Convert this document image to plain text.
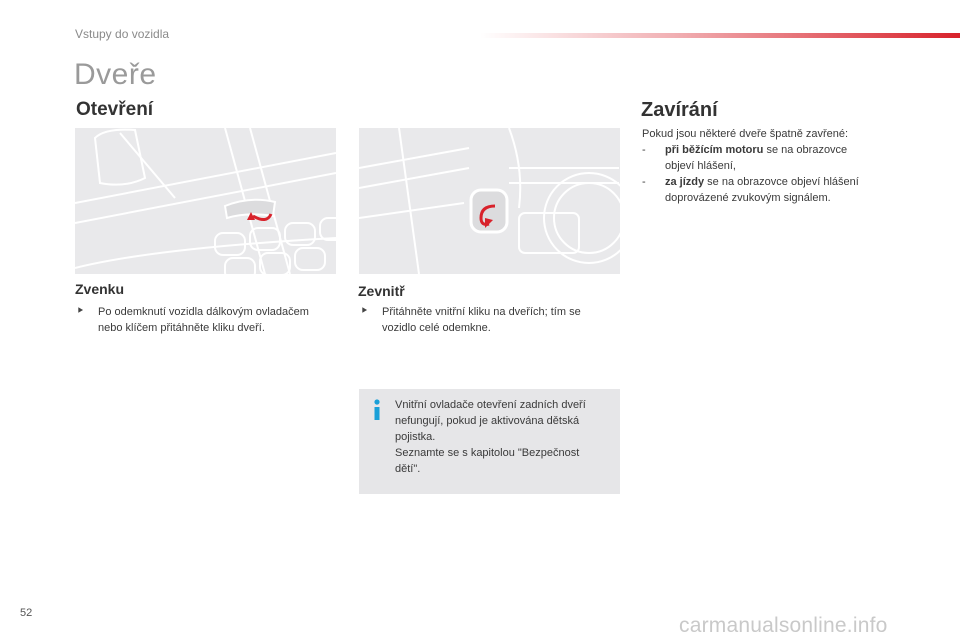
Vstupy do vozidla
Dveře
Otevření	Zavírání
Zvenku	Zevnitř
⯈	Po odemknutí vozidla dálkovým ovladačem
nebo klíčem přitáhněte kliku dveří.
⯈	Přitáhněte vnitřní kliku na dveřích; tím se
vozidlo celé odemkne.
Vnitřní ovladače otevření zadních dveří
nefungují, pokud je aktivována dětská
pojistka.
Seznamte se s kapitolou "Bezpečnost
dětí".
Pokud jsou některé dveře špatně zavřené:
-	při běžícím motoru se na obrazovce
objeví hlášení,
-	za jízdy se na obrazovce objeví hlášení
doprovázené zvukovým signálem.
52
carmanualsonline.info
